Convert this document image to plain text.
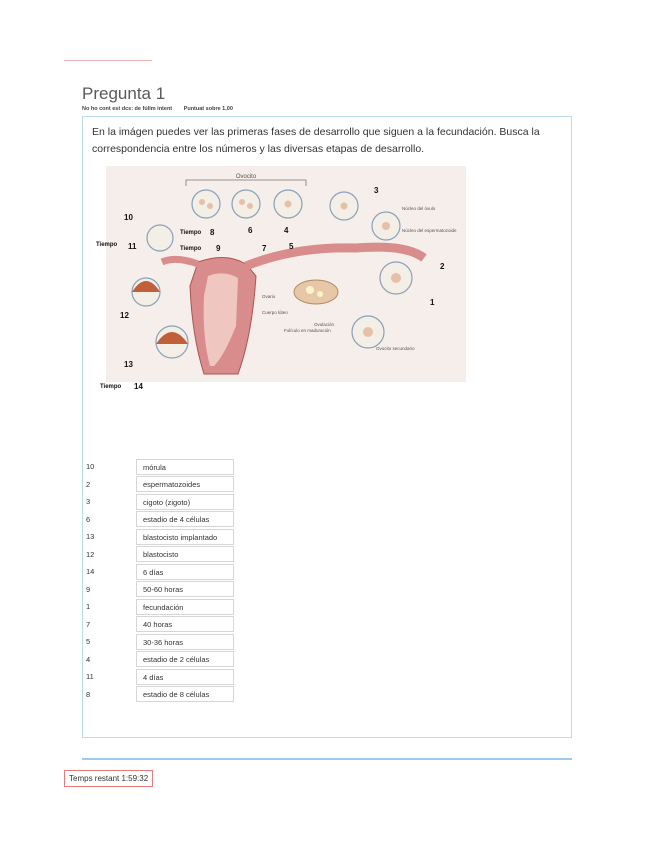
Pregunta 1
No ho cont est dcs: de fúllm intent Puntuat sobre 1,00

En la imágen puedes ver las primeras fases de desarrollo que siguen a la fecundación. Busca la correspondencia entre los números y las diversas etapas de desarrollo.

Ovocito
Núcleo del óvulo
Núcleo del espermatozoide
Ovario
Cuerpo lúteo
Folículo en maduración
Ovulación
Ovocito secundario
Tiempo
Tiempo
Tiempo
Tiempo
1
2
3
4
5
6
7
8
9
10
11
12
13
14
10	mórula

2	espermatozoides

3	cigoto (zigoto)

6	estadio de 4 células

13	blastocisto implantado

12	blastocisto

14	6 días

9	50-60 horas

1	fecundación

7	40 horas

5	30-36 horas

4	estadio de 2 células

11	4 días

8	estadio de 8 células
Temps restant 1:59:32
